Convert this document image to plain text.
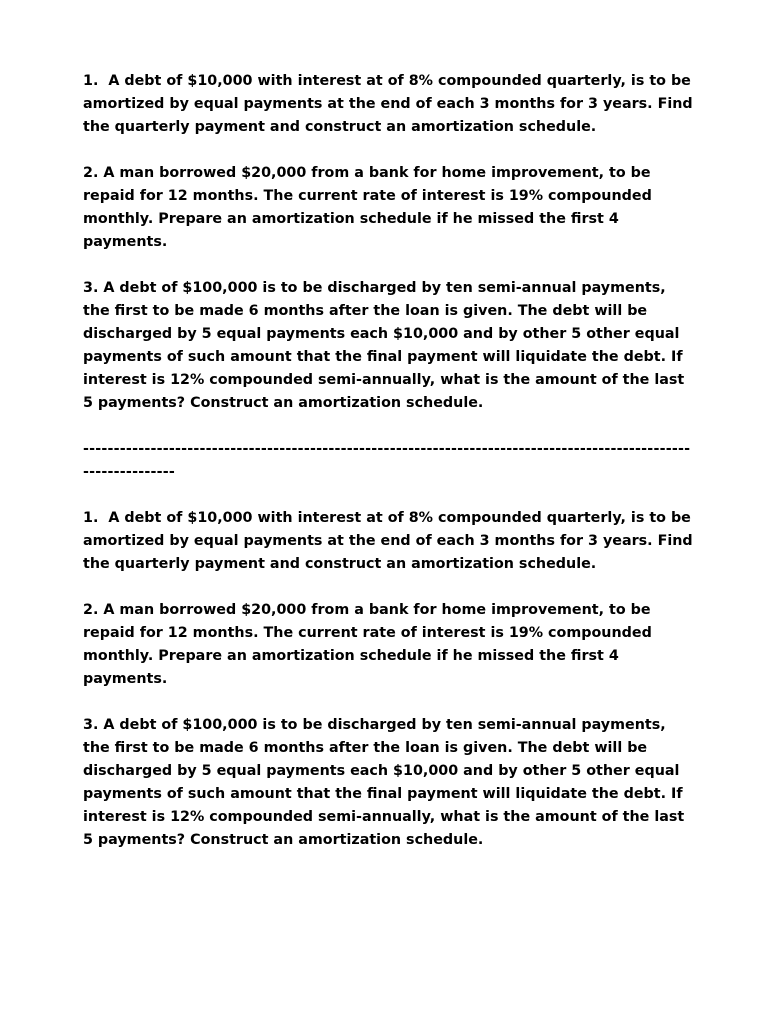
1.  A debt of $10,000 with interest at of 8% compounded quarterly, is to be amortized by equal payments at the end of each 3 months for 3 years. Find the quarterly payment and construct an amortization schedule.

2. A man borrowed $20,000 from a bank for home improvement, to be repaid for 12 months. The current rate of interest is 19% compounded monthly. Prepare an amortization schedule if he missed the first 4 payments.

3. A debt of $100,000 is to be discharged by ten semi-annual payments, the first to be made 6 months after the loan is given. The debt will be discharged by 5 equal payments each $10,000 and by other 5 other equal payments of such amount that the final payment will liquidate the debt. If interest is 12% compounded semi-annually, what is the amount of the last 5 payments? Construct an amortization schedule.

------------------------------------------------------------------------------------------------------------------

1.  A debt of $10,000 with interest at of 8% compounded quarterly, is to be amortized by equal payments at the end of each 3 months for 3 years. Find the quarterly payment and construct an amortization schedule.

2. A man borrowed $20,000 from a bank for home improvement, to be repaid for 12 months. The current rate of interest is 19% compounded monthly. Prepare an amortization schedule if he missed the first 4 payments.

3. A debt of $100,000 is to be discharged by ten semi-annual payments, the first to be made 6 months after the loan is given. The debt will be discharged by 5 equal payments each $10,000 and by other 5 other equal payments of such amount that the final payment will liquidate the debt. If interest is 12% compounded semi-annually, what is the amount of the last 5 payments? Construct an amortization schedule.
